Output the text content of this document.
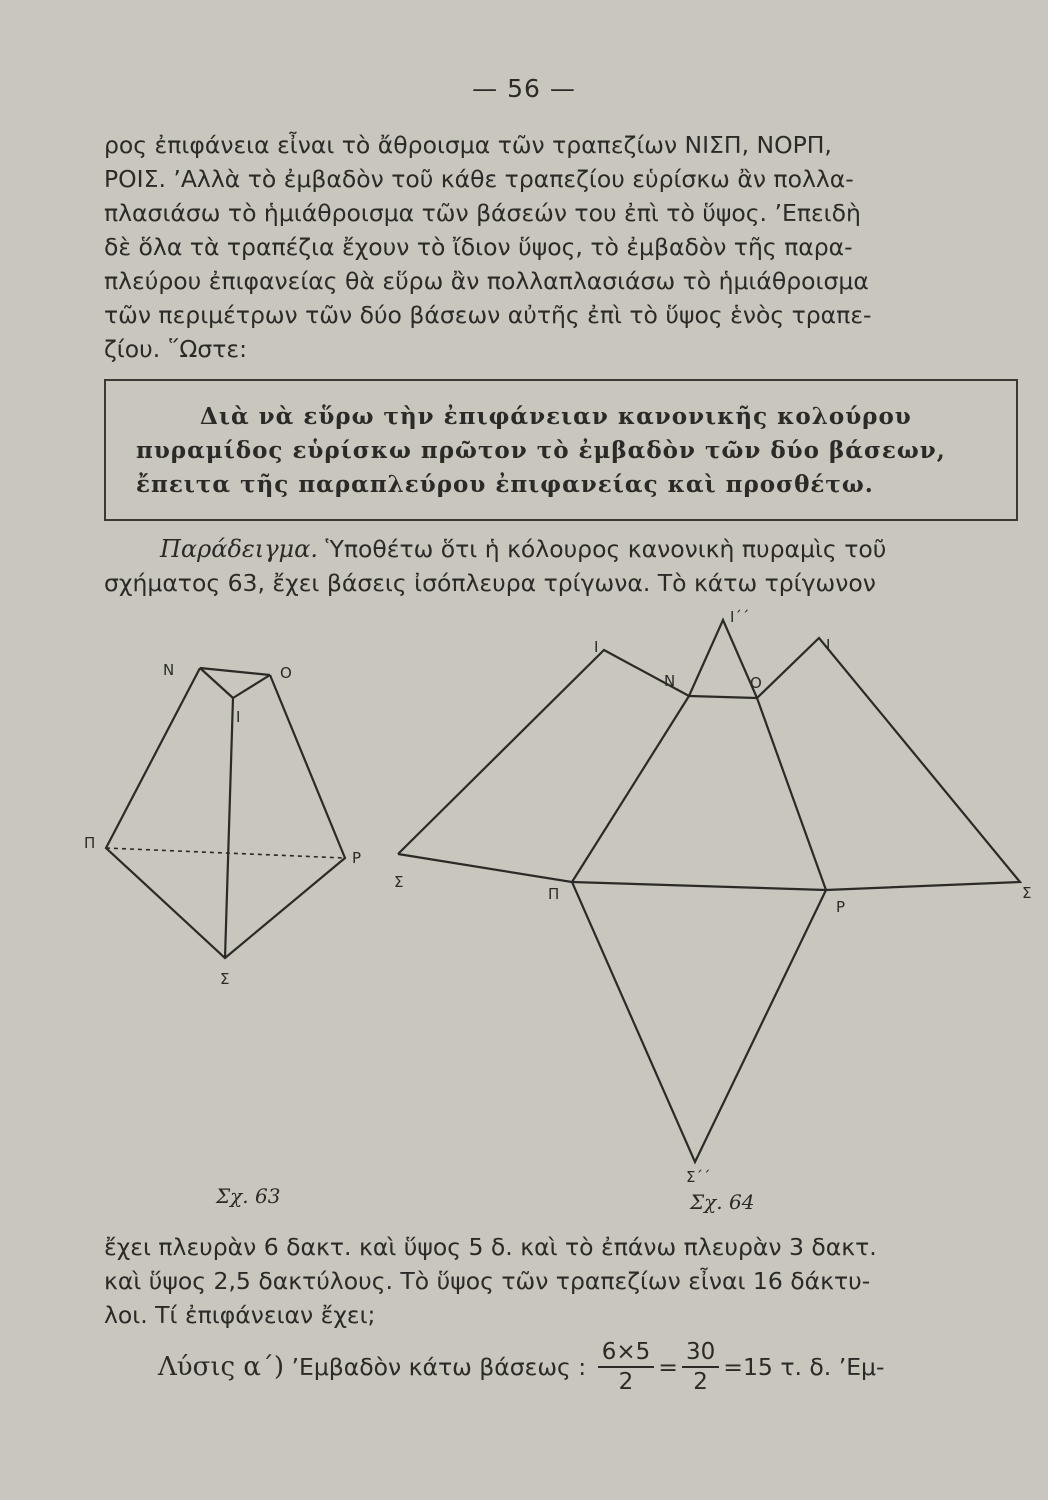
— 56 —
ρος ἐπιφάνεια εἶναι τὸ ἄθροισμα τῶν τραπεζίων ΝΙΣΠ, ΝΟΡΠ,
ΡΟΙΣ. ’Αλλὰ τὸ ἐμβαδὸν τοῦ κάθε τραπεζίου εὑρίσκω ἂν πολλα-
πλασιάσω τὸ ἡμιάθροισμα τῶν βάσεών του ἐπὶ τὸ ὕψος. ’Επειδὴ
δὲ ὅλα τὰ τραπέζια ἔχουν τὸ ἴδιον ὕψος, τὸ ἐμβαδὸν τῆς παρα-
πλεύρου ἐπιφανείας θὰ εὕρω ἂν πολλαπλασιάσω τὸ ἡμιάθροισμα
τῶν περιμέτρων τῶν δύο βάσεων αὐτῆς ἐπὶ τὸ ὕψος ἑνὸς τραπε-
ζίου. ῞Ωστε:
Διὰ νὰ εὕρω τὴν ἐπιφάνειαν κανονικῆς κολούρου
πυραμίδος εὑρίσκω πρῶτον τὸ ἐμβαδὸν τῶν δύο βάσεων,
ἔπειτα τῆς παραπλεύρου ἐπιφανείας καὶ προσθέτω.
Παράδειγμα. Ὑποθέτω ὅτι ἡ κόλουρος κανονικὴ πυραμὶς τοῦ
σχήματος 63, ἔχει βάσεις ἰσόπλευρα τρίγωνα. Τὸ κάτω τρίγωνον
Ν	Ο
Ι
Π
Ρ
Σ
Ι
Ι΄΄
Ι
Ν	Ο
Σ
Σ
Π
Ρ
Σ΄΄
Σχ. 63	Σχ. 64
ἔχει πλευρὰν 6 δακτ. καὶ ὕψος 5 δ. καὶ τὸ ἐπάνω πλευρὰν 3 δακτ.
καὶ ὕψος 2,5 δακτύλους. Τὸ ὕψος τῶν τραπεζίων εἶναι 16 δάκτυ-
λοι. Τί ἐπιφάνειαν ἔχει;
Λύσις α΄) ’Εμβαδὸν κάτω βάσεως : $\frac{6\times 5}{2} = \frac{30}{2} =15$ τ. δ. ’Εμ-
